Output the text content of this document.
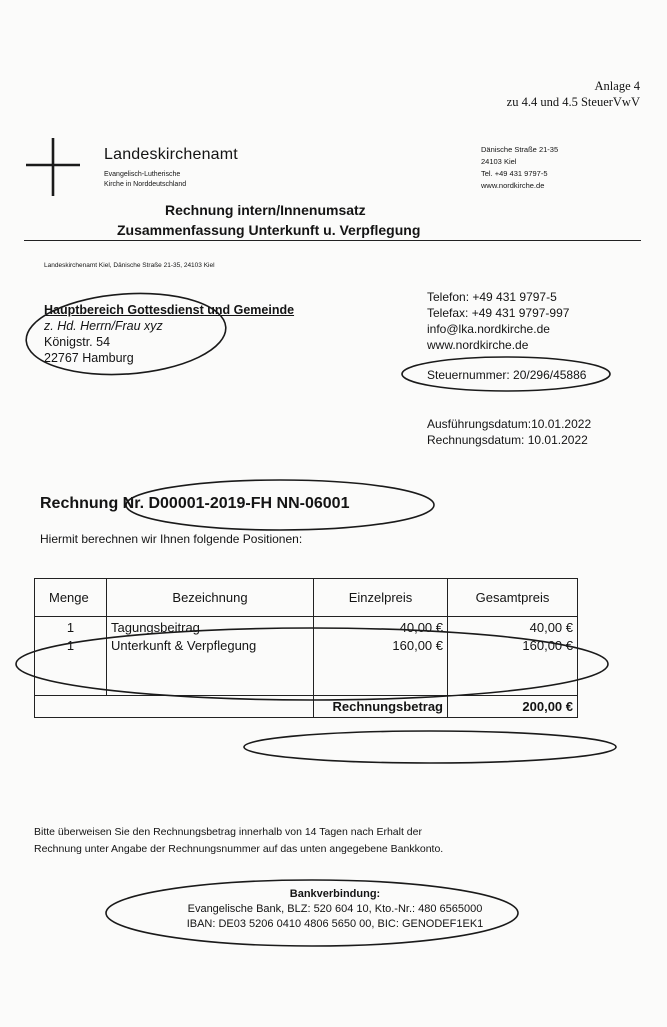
Anlage 4
zu 4.4 und 4.5 SteuerVwV
Landeskirchenamt
Evangelisch-Lutherische
Kirche in Norddeutschland
Dänische Straße 21-35
24103 Kiel
Tel. +49 431 9797-5
www.nordkirche.de
Rechnung intern/Innenumsatz
Zusammenfassung Unterkunft u. Verpflegung
Landeskirchenamt Kiel, Dänische Straße 21-35, 24103 Kiel
Hauptbereich Gottesdienst und Gemeinde
z. Hd. Herrn/Frau xyz
Königstr. 54
22767 Hamburg
Telefon: +49 431 9797-5
Telefax: +49 431 9797-997
info@lka.nordkirche.de
www.nordkirche.de
Steuernummer: 20/296/45886
Ausführungsdatum:10.01.2022
Rechnungsdatum: 10.01.2022
Rechnung Nr. D00001-2019-FH NN-06001
Hiermit berechnen wir Ihnen folgende Positionen:
Menge	Bezeichnung	Einzelpreis	Gesamtpreis
1	Tagungsbeitrag	40,00 €	40,00 €
1	Unterkunft & Verpflegung	160,00 €	160,00 €

		Rechnungsbetrag	200,00 €
Bitte überweisen Sie den Rechnungsbetrag innerhalb von 14 Tagen nach Erhalt der
Rechnung unter Angabe der Rechnungsnummer auf das unten angegebene Bankkonto.
Bankverbindung:
Evangelische Bank, BLZ: 520 604 10, Kto.-Nr.: 480 6565000
IBAN: DE03 5206 0410 4806 5650 00, BIC: GENODEF1EK1
